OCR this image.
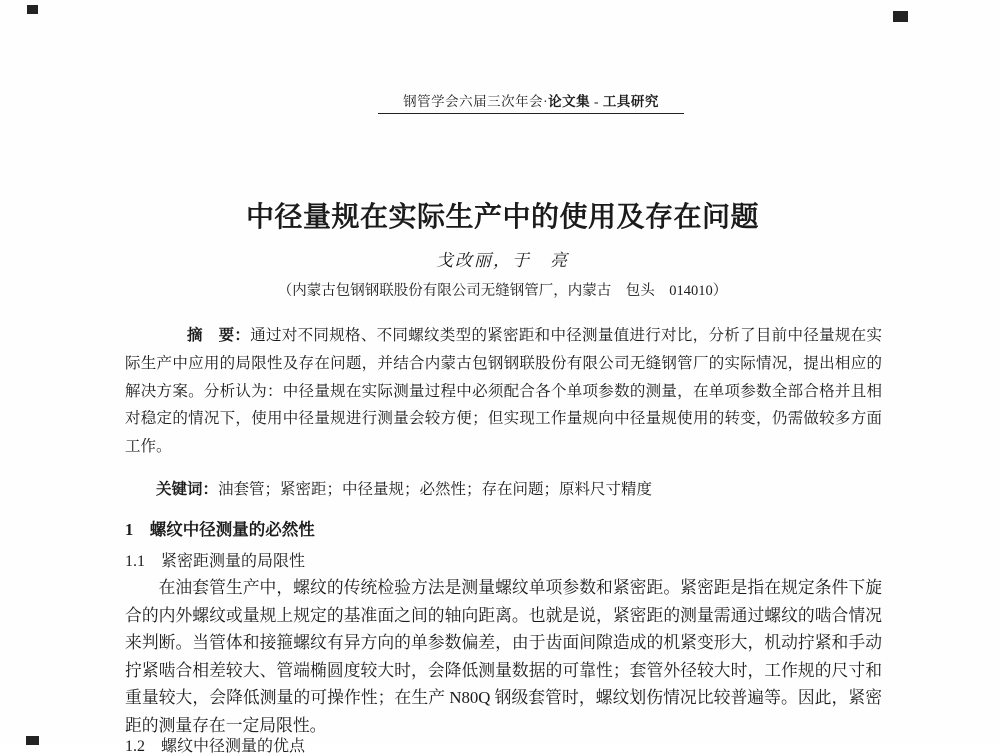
钢管学会六届三次年会·论文集 - 工具研究
中径量规在实际生产中的使用及存在问题
戈改丽，于　亮
（内蒙古包钢钢联股份有限公司无缝钢管厂，内蒙古　包头　014010）

摘　要：通过对不同规格、不同螺纹类型的紧密距和中径测量值进行对比，分析了目前中径量规在实际生产中应用的局限性及存在问题，并结合内蒙古包钢钢联股份有限公司无缝钢管厂的实际情况，提出相应的解决方案。分析认为：中径量规在实际测量过程中必须配合各个单项参数的测量，在单项参数全部合格并且相对稳定的情况下，使用中径量规进行测量会较方便；但实现工作量规向中径量规使用的转变，仍需做较多方面工作。

关键词：油套管；紧密距；中径量规；必然性；存在问题；原料尺寸精度

1　螺纹中径测量的必然性
1.1　紧密距测量的局限性

在油套管生产中，螺纹的传统检验方法是测量螺纹单项参数和紧密距。紧密距是指在规定条件下旋合的内外螺纹或量规上规定的基准面之间的轴向距离。也就是说，紧密距的测量需通过螺纹的啮合情况来判断。当管体和接箍螺纹有异方向的单参数偏差，由于齿面间隙造成的机紧变形大，机动拧紧和手动拧紧啮合相差较大、管端椭圆度较大时，会降低测量数据的可靠性；套管外径较大时，工作规的尺寸和重量较大，会降低测量的可操作性；在生产 N80Q 钢级套管时，螺纹划伤情况比较普遍等。因此，紧密距的测量存在一定局限性。

1.2　螺纹中径测量的优点
